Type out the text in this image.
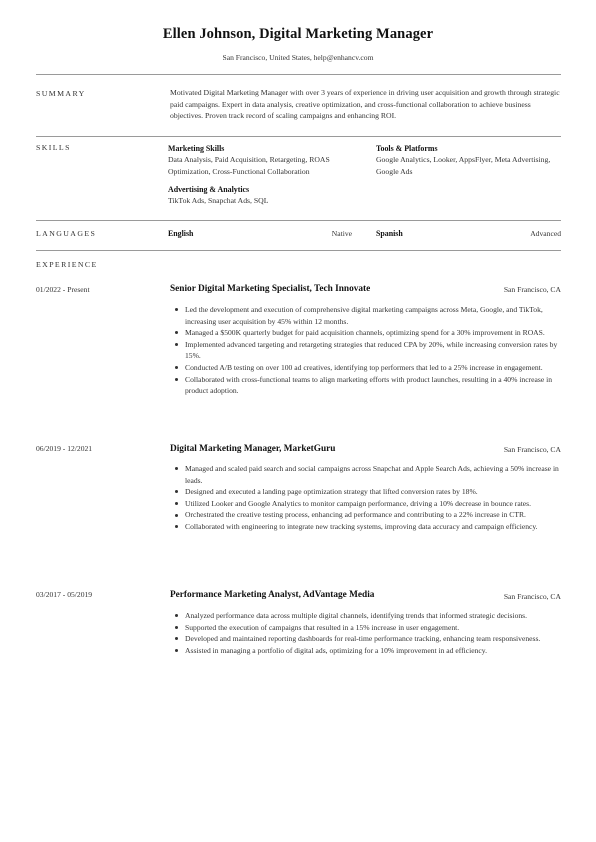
Ellen Johnson, Digital Marketing Manager
San Francisco, United States, help@enhancv.com
SUMMARY	Motivated Digital Marketing Manager with over 3 years of experience in driving user acquisition and growth through strategic paid campaigns. Expert in data analysis, creative optimization, and cross-functional collaboration to achieve business objectives. Proven track record of scaling campaigns and enhancing ROI.
SKILLS	Marketing Skills
Data Analysis, Paid Acquisition, Retargeting, ROAS Optimization, Cross-Functional Collaboration
Tools & Platforms
Google Analytics, Looker, AppsFlyer, Meta Advertising, Google Ads
Advertising & Analytics
TikTok Ads, Snapchat Ads, SQL
LANGUAGES	English	Native	Spanish	Advanced
EXPERIENCE
01/2022 - Present	Senior Digital Marketing Specialist, Tech Innovate	San Francisco, CA
Led the development and execution of comprehensive digital marketing campaigns across Meta, Google, and TikTok, increasing user acquisition by 45% within 12 months.
Managed a $500K quarterly budget for paid acquisition channels, optimizing spend for a 30% improvement in ROAS.
Implemented advanced targeting and retargeting strategies that reduced CPA by 20%, while increasing conversion rates by 15%.
Conducted A/B testing on over 100 ad creatives, identifying top performers that led to a 25% increase in engagement.
Collaborated with cross-functional teams to align marketing efforts with product launches, resulting in a 40% increase in product adoption.
06/2019 - 12/2021	Digital Marketing Manager, MarketGuru	San Francisco, CA
Managed and scaled paid search and social campaigns across Snapchat and Apple Search Ads, achieving a 50% increase in leads.
Designed and executed a landing page optimization strategy that lifted conversion rates by 18%.
Utilized Looker and Google Analytics to monitor campaign performance, driving a 10% decrease in bounce rates.
Orchestrated the creative testing process, enhancing ad performance and contributing to a 22% increase in CTR.
Collaborated with engineering to integrate new tracking systems, improving data accuracy and campaign efficiency.
03/2017 - 05/2019	Performance Marketing Analyst, AdVantage Media	San Francisco, CA
Analyzed performance data across multiple digital channels, identifying trends that informed strategic decisions.
Supported the execution of campaigns that resulted in a 15% increase in user engagement.
Developed and maintained reporting dashboards for real-time performance tracking, enhancing team responsiveness.
Assisted in managing a portfolio of digital ads, optimizing for a 10% improvement in ad efficiency.
